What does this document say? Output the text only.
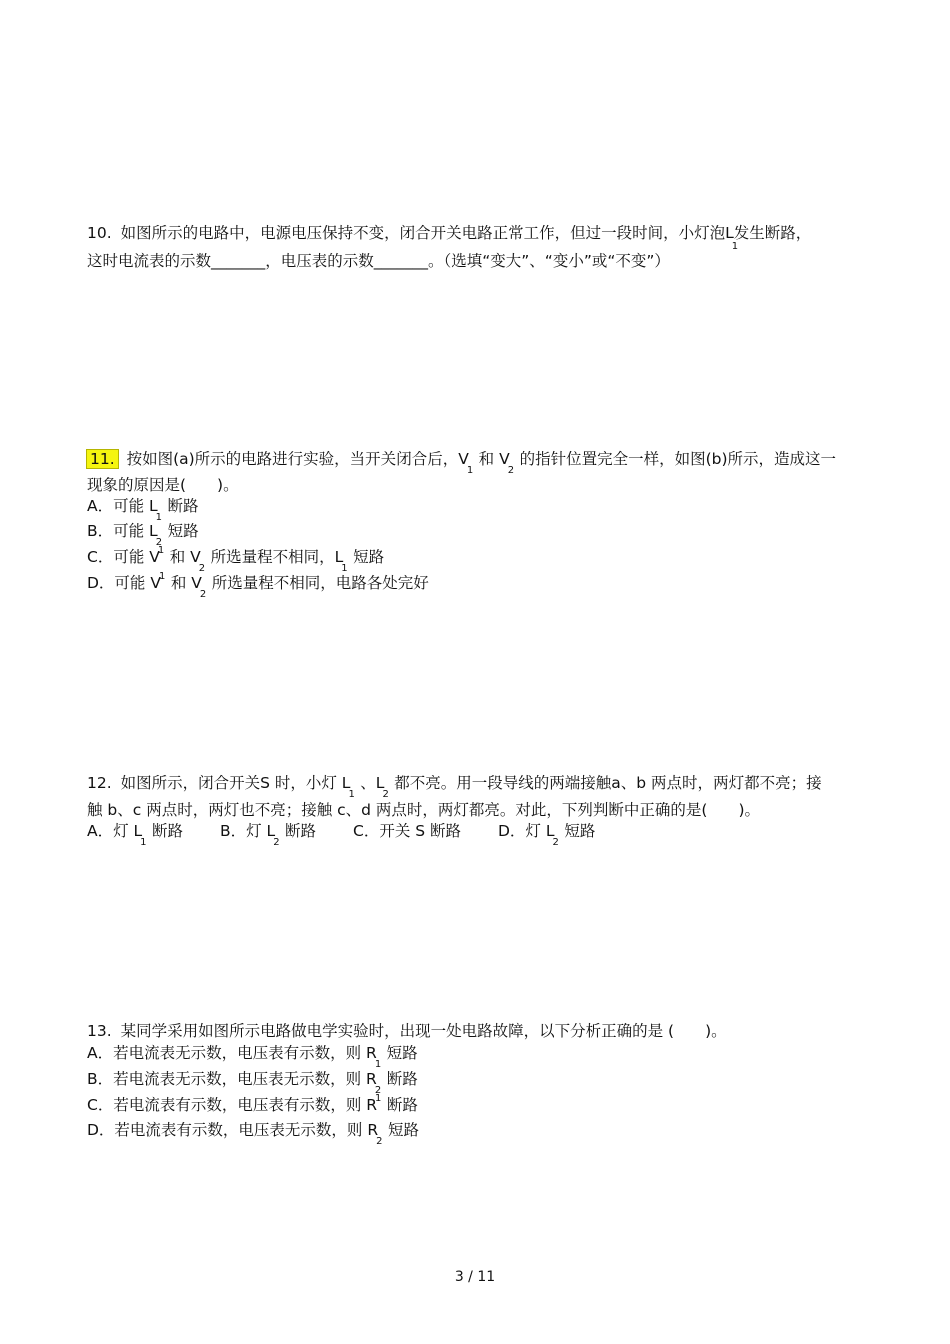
10. 如图所示的电路中，电源电压保持不变，闭合开关电路正常工作，但过一段时间，小灯泡L1发生断路，
这时电流表的示数_______，电压表的示数_______。（选填“变大”、“变小”或“不变”）
11. 按如图(a)所示的电路进行实验，当开关闭合后，V1  和 V2  的指针位置完全一样，如图(b)所示，造成这一
现象的原因是(　　)。
A．可能 L1  断路
B．可能 L2  短路
C．可能 V1 和 V2  所选量程不相同，L1  短路
D．可能 V1 和 V2  所选量程不相同，电路各处完好
12. 如图所示，闭合开关S 时，小灯 L1  、L2  都不亮。用一段导线的两端接触a、b 两点时，两灯都不亮；接
触 b、c 两点时，两灯也不亮；接触 c、d 两点时，两灯都亮。对此，下列判断中正确的是(　　)。
A．灯 L1  断路 B．灯 L2  断路 C．开关 S 断路 D．灯 L2  短路
13. 某同学采用如图所示电路做电学实验时，出现一处电路故障，以下分析正确的是 (　　)。
A．若电流表无示数，电压表有示数，则 R1  短路
B．若电流表无示数，电压表无示数，则 R2  断路
C．若电流表有示数，电压表有示数，则 R1 断路
D．若电流表有示数，电压表无示数，则 R2  短路
3 / 11
